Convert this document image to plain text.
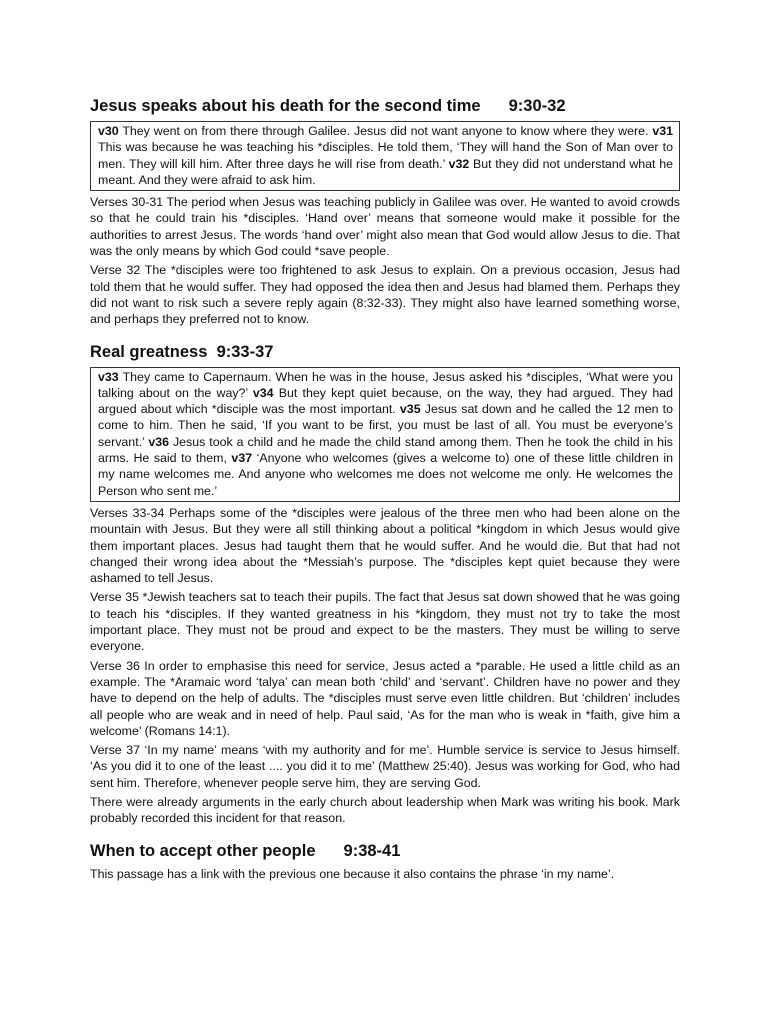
Jesus speaks about his death for the second time 9:30-32
v30 They went on from there through Galilee. Jesus did not want anyone to know where they were. v31 This was because he was teaching his *disciples. He told them, ‘They will hand the Son of Man over to men. They will kill him. After three days he will rise from death.’ v32 But they did not understand what he meant. And they were afraid to ask him.

Verses 30-31 The period when Jesus was teaching publicly in Galilee was over. He wanted to avoid crowds so that he could train his *disciples. ‘Hand over’ means that someone would make it possible for the authorities to arrest Jesus. The words ‘hand over’ might also mean that God would allow Jesus to die. That was the only means by which God could *save people.

Verse 32 The *disciples were too frightened to ask Jesus to explain. On a previous occasion, Jesus had told them that he would suffer. They had opposed the idea then and Jesus had blamed them. Perhaps they did not want to risk such a severe reply again (8:32-33). They might also have learned something worse, and perhaps they preferred not to know.

Real greatness 9:33-37
v33 They came to Capernaum. When he was in the house, Jesus asked his *disciples, ‘What were you talking about on the way?’ v34 But they kept quiet because, on the way, they had argued. They had argued about which *disciple was the most important. v35 Jesus sat down and he called the 12 men to come to him. Then he said, ‘If you want to be first, you must be last of all. You must be everyone’s servant.’ v36 Jesus took a child and he made the child stand among them. Then he took the child in his arms. He said to them, v37 ‘Anyone who welcomes (gives a welcome to) one of these little children in my name welcomes me. And anyone who welcomes me does not welcome me only. He welcomes the Person who sent me.’

Verses 33-34 Perhaps some of the *disciples were jealous of the three men who had been alone on the mountain with Jesus. But they were all still thinking about a political *kingdom in which Jesus would give them important places. Jesus had taught them that he would suffer. And he would die. But that had not changed their wrong idea about the *Messiah’s purpose. The *disciples kept quiet because they were ashamed to tell Jesus.

Verse 35 *Jewish teachers sat to teach their pupils. The fact that Jesus sat down showed that he was going to teach his *disciples. If they wanted greatness in his *kingdom, they must not try to take the most important place. They must not be proud and expect to be the masters. They must be willing to serve everyone.

Verse 36 In order to emphasise this need for service, Jesus acted a *parable. He used a little child as an example. The *Aramaic word ‘talya’ can mean both ‘child’ and ‘servant’. Children have no power and they have to depend on the help of adults. The *disciples must serve even little children. But ‘children’ includes all people who are weak and in need of help. Paul said, ‘As for the man who is weak in *faith, give him a welcome’ (Romans 14:1).

Verse 37 ‘In my name’ means ‘with my authority and for me’. Humble service is service to Jesus himself. ‘As you did it to one of the least .... you did it to me’ (Matthew 25:40). Jesus was working for God, who had sent him. Therefore, whenever people serve him, they are serving God.

There were already arguments in the early church about leadership when Mark was writing his book. Mark probably recorded this incident for that reason.

When to accept other people 9:38-41

This passage has a link with the previous one because it also contains the phrase ‘in my name’.
